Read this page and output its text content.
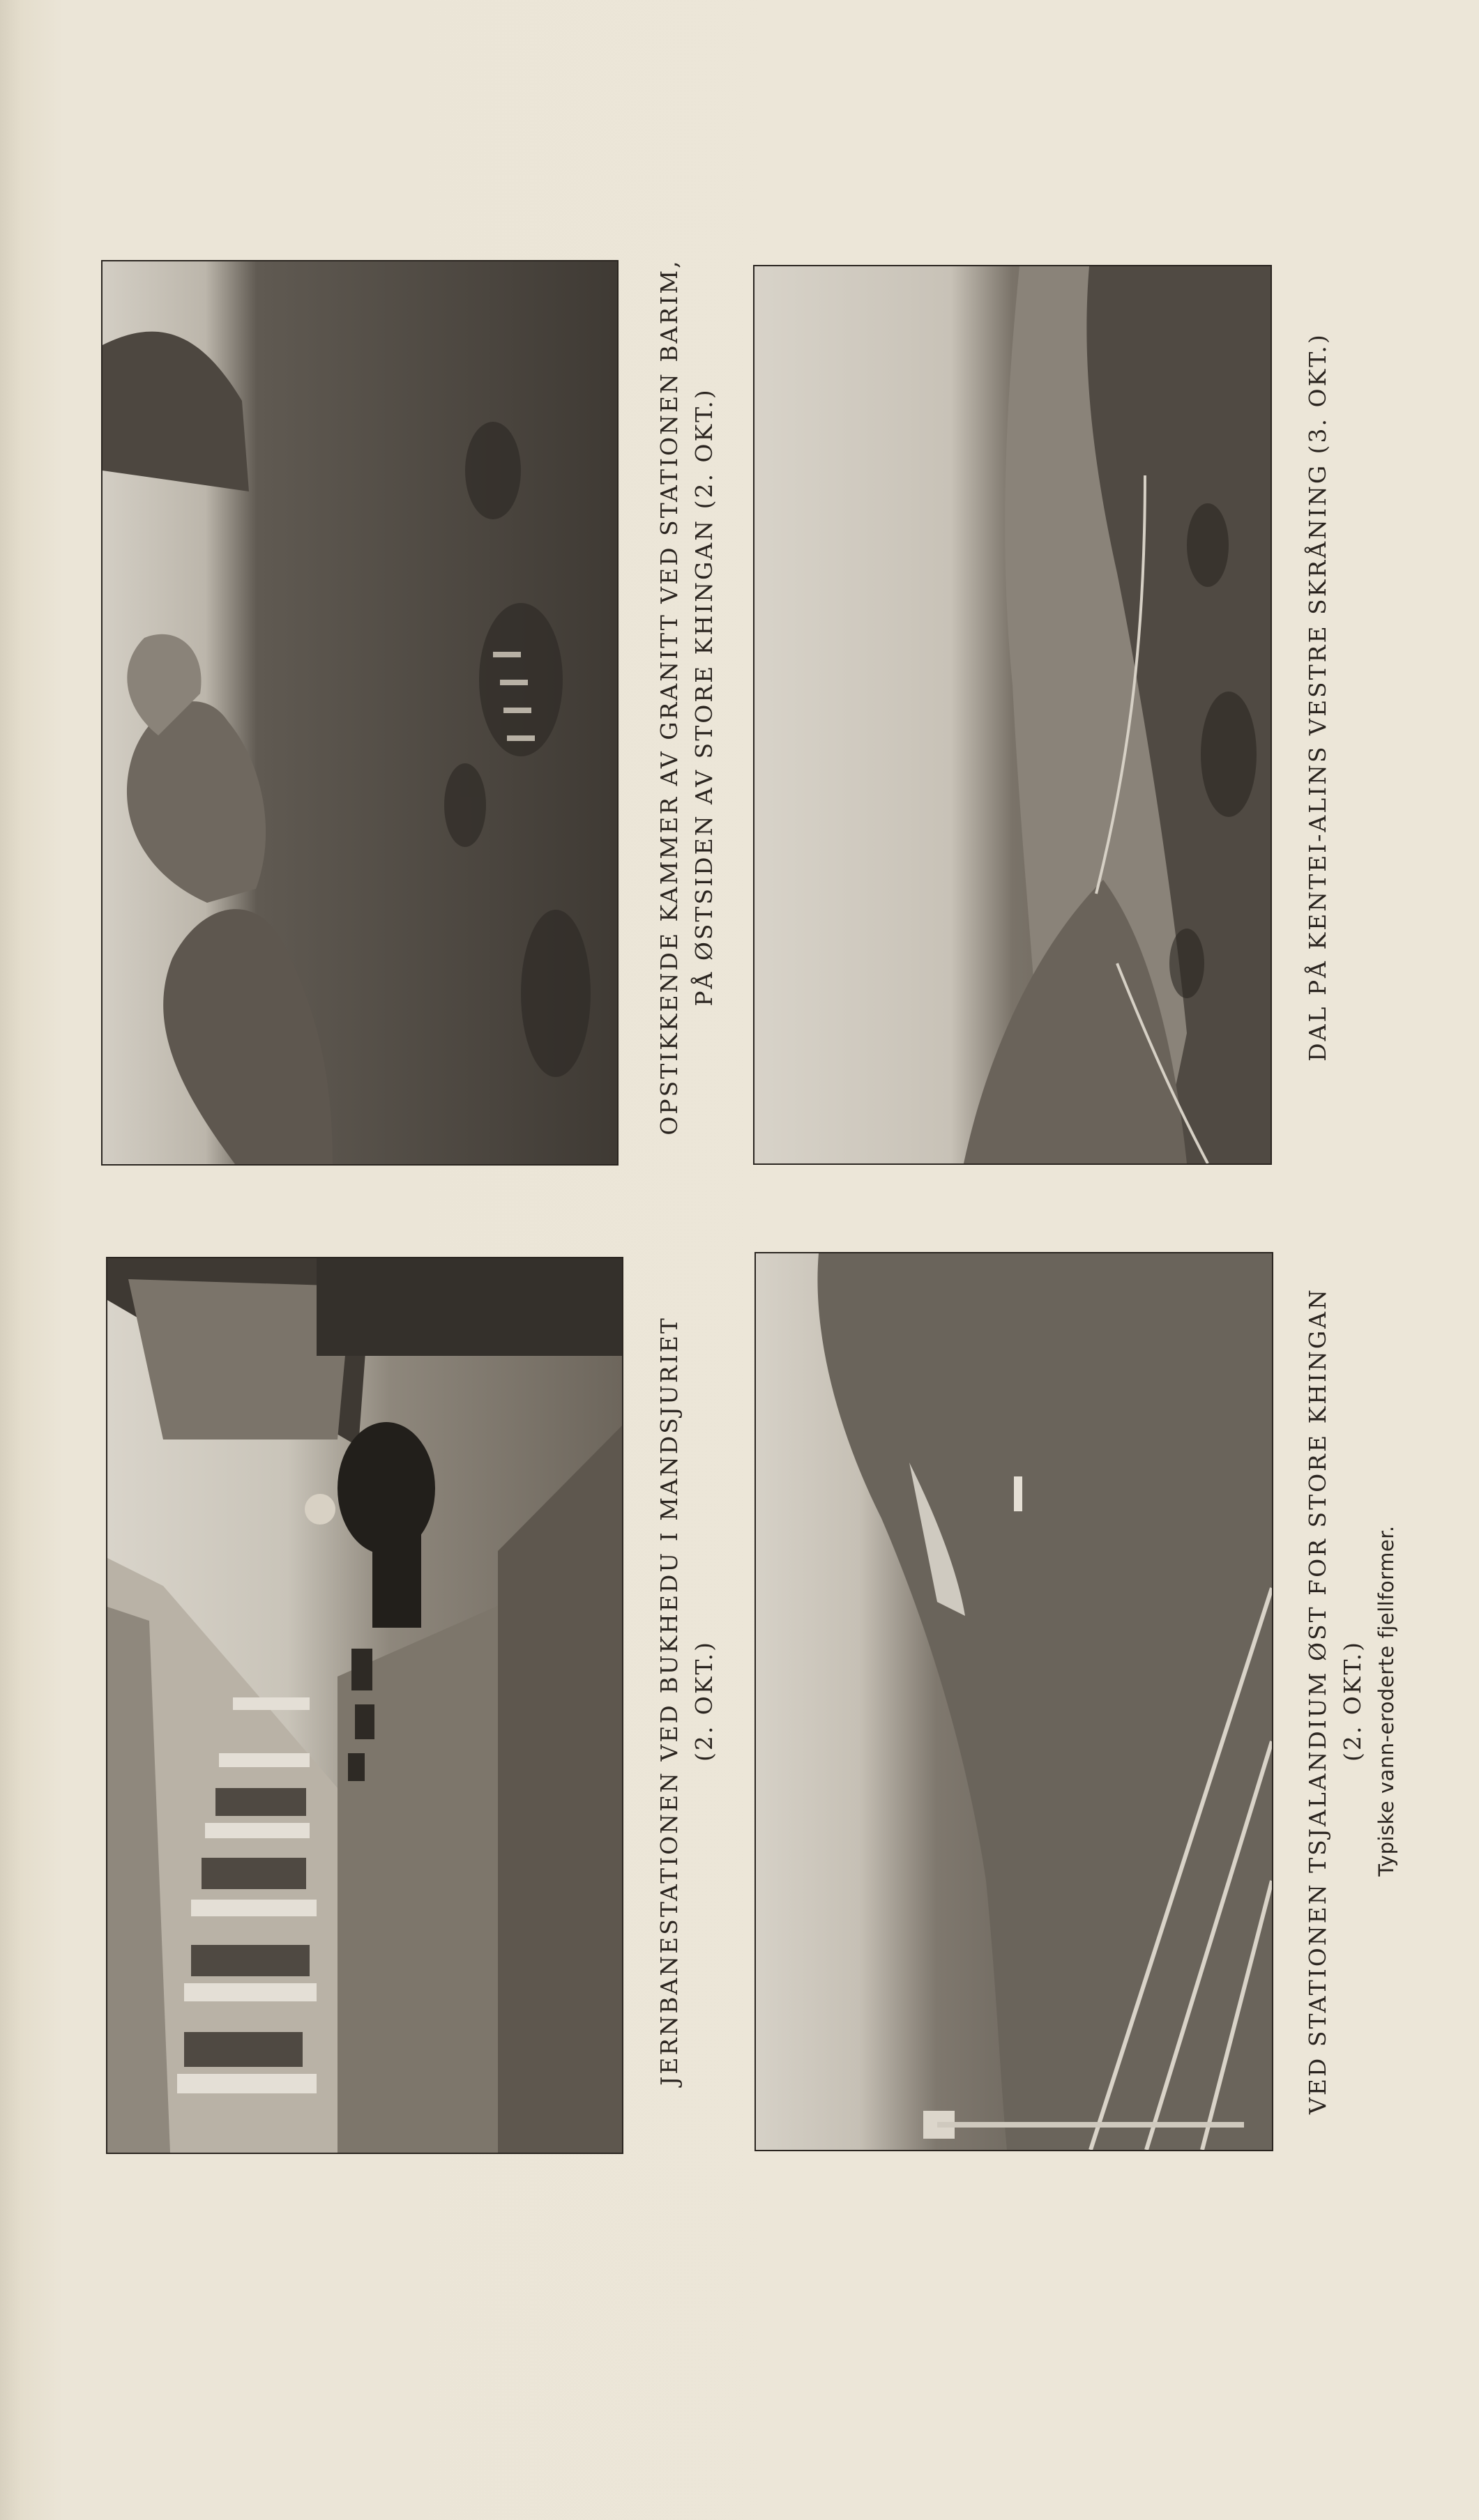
JERNBANESTATIONEN VED BUKHEDU I MANDSJURIET (2. OKT.)
OPSTIKKENDE KAMMER AV GRANITT VED STATIONEN BARIM, PÅ ØSTSIDEN AV STORE KHINGAN (2. OKT.)
VED STATIONEN TSJALANDIUM ØST FOR STORE KHINGAN (2. OKT.) Typiske vann-eroderte fjellformer.
DAL PÅ KENTEI-ALINS VESTRE SKRÅNING (3. OKT.)
